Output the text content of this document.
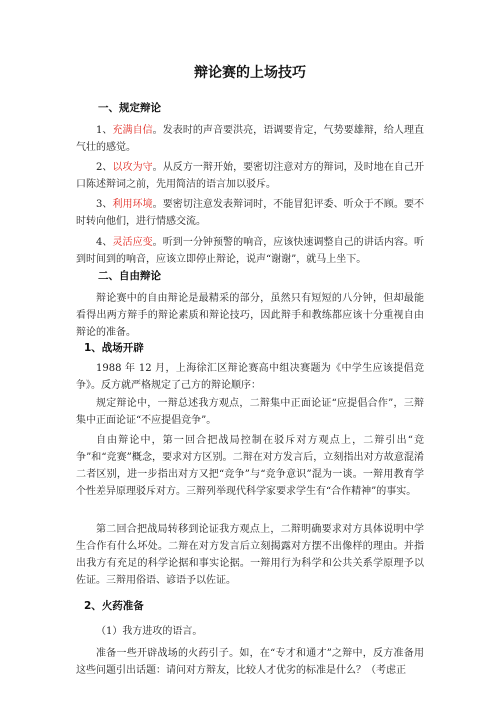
辩论赛的上场技巧
一、规定辩论
1、充满自信。发表时的声音要洪亮，语调要肯定，气势要雄辩，给人理直气壮的感觉。
2、以攻为守。从反方一辩开始，要密切注意对方的辩词，及时地在自己开口陈述辩词之前，先用简洁的语言加以驳斥。
3、利用环境。要密切注意发表辩词时，不能冒犯评委、听众于不顾。要不时转向他们，进行情感交流。
4、灵活应变。听到一分钟预警的响音，应该快速调整自己的讲话内容。听到时间到的响音，应该立即停止辩论，说声“谢谢”，就马上坐下。
二、自由辩论
辩论赛中的自由辩论是最精采的部分，虽然只有短短的八分钟，但却最能看得出两方辩手的辩论素质和辩论技巧，因此辩手和教练都应该十分重视自由辩论的准备。
1、战场开辟
1988 年 12 月，上海徐汇区辩论赛高中组决赛题为《中学生应该提倡竞争》。反方就严格规定了己方的辩论顺序：
规定辩论中，一辩总述我方观点，二辩集中正面论证“应提倡合作”，三辩集中正面论证“不应提倡竞争”。
自由辩论中，第一回合把战局控制在驳斥对方观点上，二辩引出“竞争”和“竞赛”概念，要求对方区别。二辩在对方发言后，立刻指出对方故意混淆二者区别，进一步指出对方又把“竞争”与“竞争意识”混为一谈。一辩用教育学个性差异原理驳斥对方。三辩列举现代科学家要求学生有“合作精神”的事实。
第二回合把战局转移到论证我方观点上，二辩明确要求对方具体说明中学生合作有什么坏处。二辩在对方发言后立刻揭露对方摆不出像样的理由。并指出我方有充足的科学论据和事实论据。一辩用行为科学和公共关系学原理予以佐证。三辩用俗语、谚语予以佐证。
2、火药准备
（1）我方进攻的语言。
准备一些开辟战场的火药引子。如，在“专才和通才”之辩中，反方准备用这些问题引出话题：请问对方辩友，比较人才优劣的标准是什么？（考虑正
